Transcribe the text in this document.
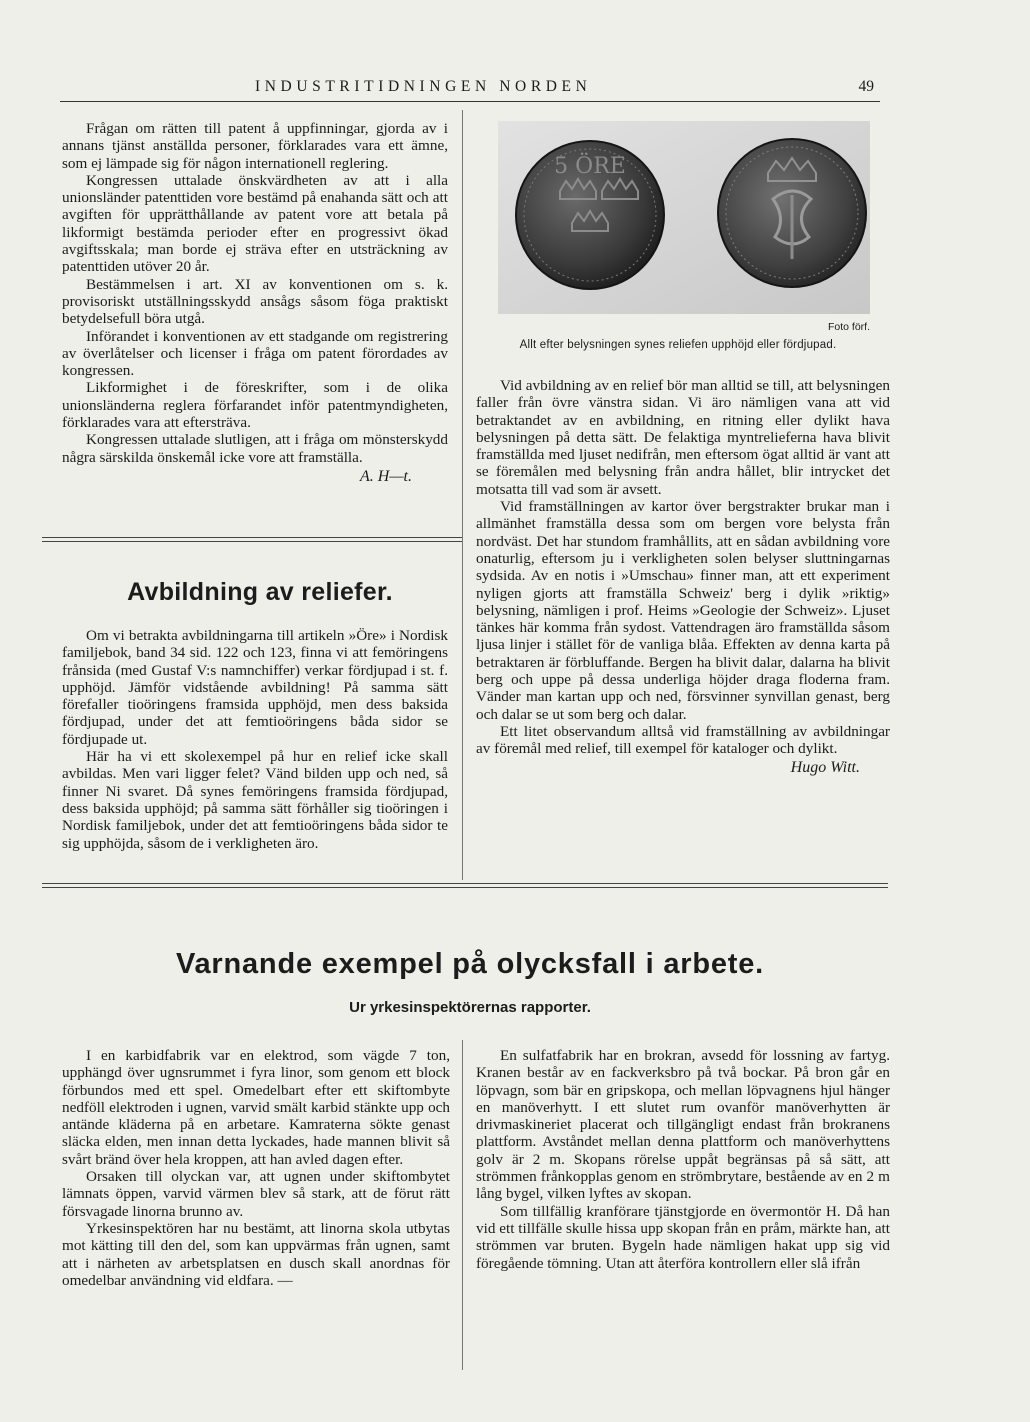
INDUSTRITIDNINGEN NORDEN	49

Frågan om rätten till patent å uppfinningar, gjorda av i annans tjänst anställda personer, förklarades vara ett ämne, som ej lämpade sig för någon internationell reglering.

Kongressen uttalade önskvärdheten av att i alla unionsländer patenttiden vore bestämd på enahanda sätt och att avgiften för upprätthållande av patent vore att betala på likformigt bestämda perioder efter en progressivt ökad avgiftsskala; man borde ej sträva efter en utsträckning av patenttiden utöver 20 år.

Bestämmelsen i art. XI av konventionen om s. k. provisoriskt utställningsskydd ansågs såsom föga praktiskt betydelsefull böra utgå.

Införandet i konventionen av ett stadgande om registrering av överlåtelser och licenser i fråga om patent förordades av kongressen.

Likformighet i de föreskrifter, som i de olika unionsländerna reglera förfarandet inför patentmyndigheten, förklarades vara att eftersträva.

Kongressen uttalade slutligen, att i fråga om mönsterskydd några särskilda önskemål icke vore att framställa.

A. H—t.
Avbildning av reliefer.

Om vi betrakta avbildningarna till artikeln »Öre» i Nordisk familjebok, band 34 sid. 122 och 123, finna vi att femöringens frånsida (med Gustaf V:s namnchiffer) verkar fördjupad i st. f. upphöjd. Jämför vidstående avbildning! På samma sätt förefaller tioöringens framsida upphöjd, men dess baksida fördjupad, under det att femtioöringens båda sidor se fördjupade ut.

Här ha vi ett skolexempel på hur en relief icke skall avbildas. Men vari ligger felet? Vänd bilden upp och ned, så finner Ni svaret. Då synes femöringens framsida fördjupad, dess baksida upphöjd; på samma sätt förhåller sig tioöringen i Nordisk familjebok, under det att femtioöringens båda sidor te sig upphöjda, såsom de i verkligheten äro.

5 ÖRE
Foto förf.
Allt efter belysningen synes reliefen upphöjd eller fördjupad.

Vid avbildning av en relief bör man alltid se till, att belysningen faller från övre vänstra sidan. Vi äro nämligen vana att vid betraktandet av en avbildning, en ritning eller dylikt hava belysningen på detta sätt. De felaktiga myntrelieferna hava blivit framställda med ljuset nedifrån, men eftersom ögat alltid är vant att se föremålen med belysning från andra hållet, blir intrycket det motsatta till vad som är avsett.

Vid framställningen av kartor över bergstrakter brukar man i allmänhet framställa dessa som om bergen vore belysta från nordväst. Det har stundom framhållits, att en sådan avbildning vore onaturlig, eftersom ju i verkligheten solen belyser sluttningarnas sydsida. Av en notis i »Umschau» finner man, att ett experiment nyligen gjorts att framställa Schweiz' berg i dylik »riktig» belysning, nämligen i prof. Heims »Geologie der Schweiz». Ljuset tänkes här komma från sydost. Vattendragen äro framställda såsom ljusa linjer i stället för de vanliga blåa. Effekten av denna karta på betraktaren är förbluffande. Bergen ha blivit dalar, dalarna ha blivit berg och uppe på dessa underliga höjder draga floderna fram. Vänder man kartan upp och ned, försvinner synvillan genast, berg och dalar se ut som berg och dalar.

Ett litet observandum alltså vid framställning av avbildningar av föremål med relief, till exempel för kataloger och dylikt.

Hugo Witt.
Varnande exempel på olycksfall i arbete.
Ur yrkesinspektörernas rapporter.

I en karbidfabrik var en elektrod, som vägde 7 ton, upphängd över ugnsrummet i fyra linor, som genom ett block förbundos med ett spel. Omedelbart efter ett skiftombyte nedföll elektroden i ugnen, varvid smält karbid stänkte upp och antände kläderna på en arbetare. Kamraterna sökte genast släcka elden, men innan detta lyckades, hade mannen blivit så svårt bränd över hela kroppen, att han avled dagen efter.

Orsaken till olyckan var, att ugnen under skiftombytet lämnats öppen, varvid värmen blev så stark, att de förut rätt försvagade linorna brunno av.

Yrkesinspektören har nu bestämt, att linorna skola utbytas mot kätting till den del, som kan uppvärmas från ugnen, samt att i närheten av arbetsplatsen en dusch skall anordnas för omedelbar användning vid eldfara. —

En sulfatfabrik har en brokran, avsedd för lossning av fartyg. Kranen består av en fackverksbro på två bockar. På bron går en löpvagn, som bär en gripskopa, och mellan löpvagnens hjul hänger en manöverhytt. I ett slutet rum ovanför manöverhytten är drivmaskineriet placerat och tillgängligt endast från brokranens plattform. Avståndet mellan denna plattform och manöverhyttens golv är 2 m. Skopans rörelse uppåt begränsas på så sätt, att strömmen frånkopplas genom en strömbrytare, bestående av en 2 m lång bygel, vilken lyftes av skopan.

Som tillfällig kranförare tjänstgjorde en övermontör H. Då han vid ett tillfälle skulle hissa upp skopan från en pråm, märkte han, att strömmen var bruten. Bygeln hade nämligen hakat upp sig vid föregående tömning. Utan att återföra kontrollern eller slå ifrån
